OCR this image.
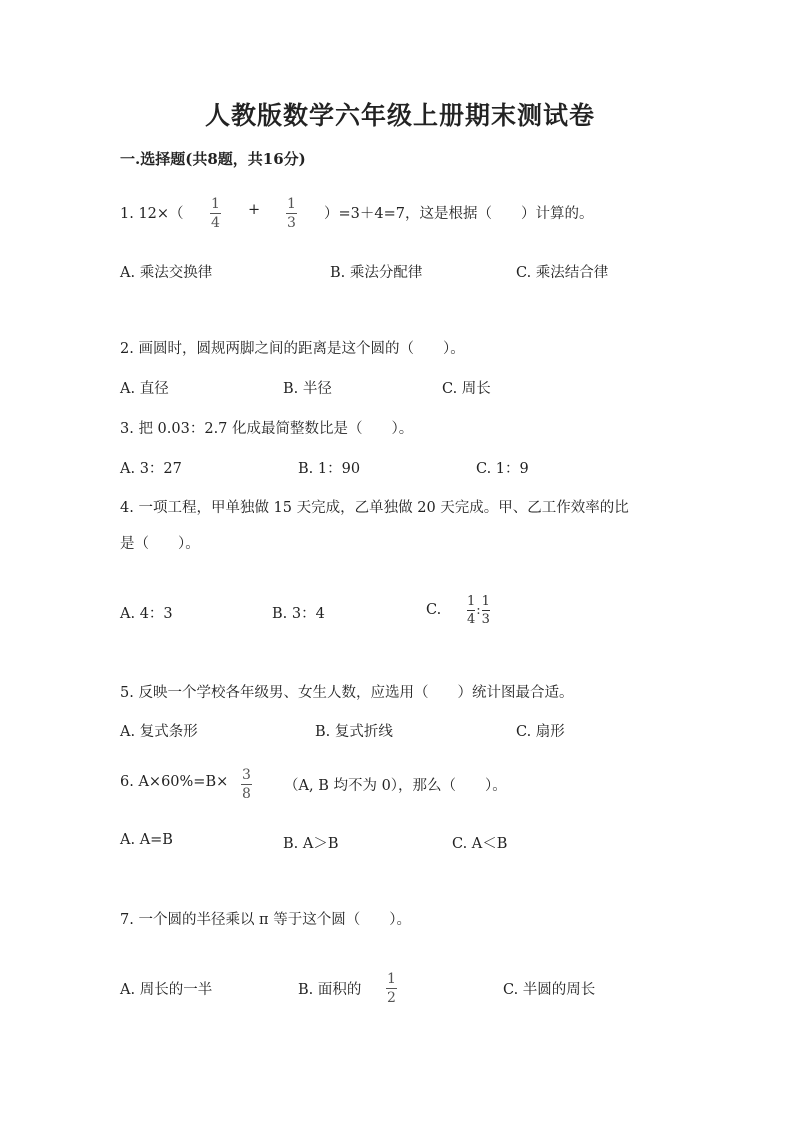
人教版数学六年级上册期末测试卷
一.选择题(共8题，共16分)
1. 12×（
1
4
+ 1
3
）=3＋4=7，这是根据（　　）计算的。
A. 乘法交换律	B. 乘法分配律	C. 乘法结合律
2. 画圆时，圆规两脚之间的距离是这个圆的（　　）。
A. 直径	B. 半径	C. 周长
3. 把 0.03：2.7 化成最简整数比是（　　）。
A. 3：27	B. 1：90	C. 1：9
4. 一项工程，甲单独做 15 天完成，乙单独做 20 天完成。甲、乙工作效率的比
是（　　）。
A. 4：3	B. 3：4	C.
1
4
:
1
3
5. 反映一个学校各年级男、女生人数，应选用（　　）统计图最合适。
A. 复式条形	B. 复式折线	C. 扇形
6. A×60%=B× 3
8 （A, B 均不为 0），那么（　　）。
A. A=B	B. A＞B	C. A＜B
7. 一个圆的半径乘以 π 等于这个圆（　　）。
A. 周长的一半	B. 面积的
1
2	C. 半圆的周长
